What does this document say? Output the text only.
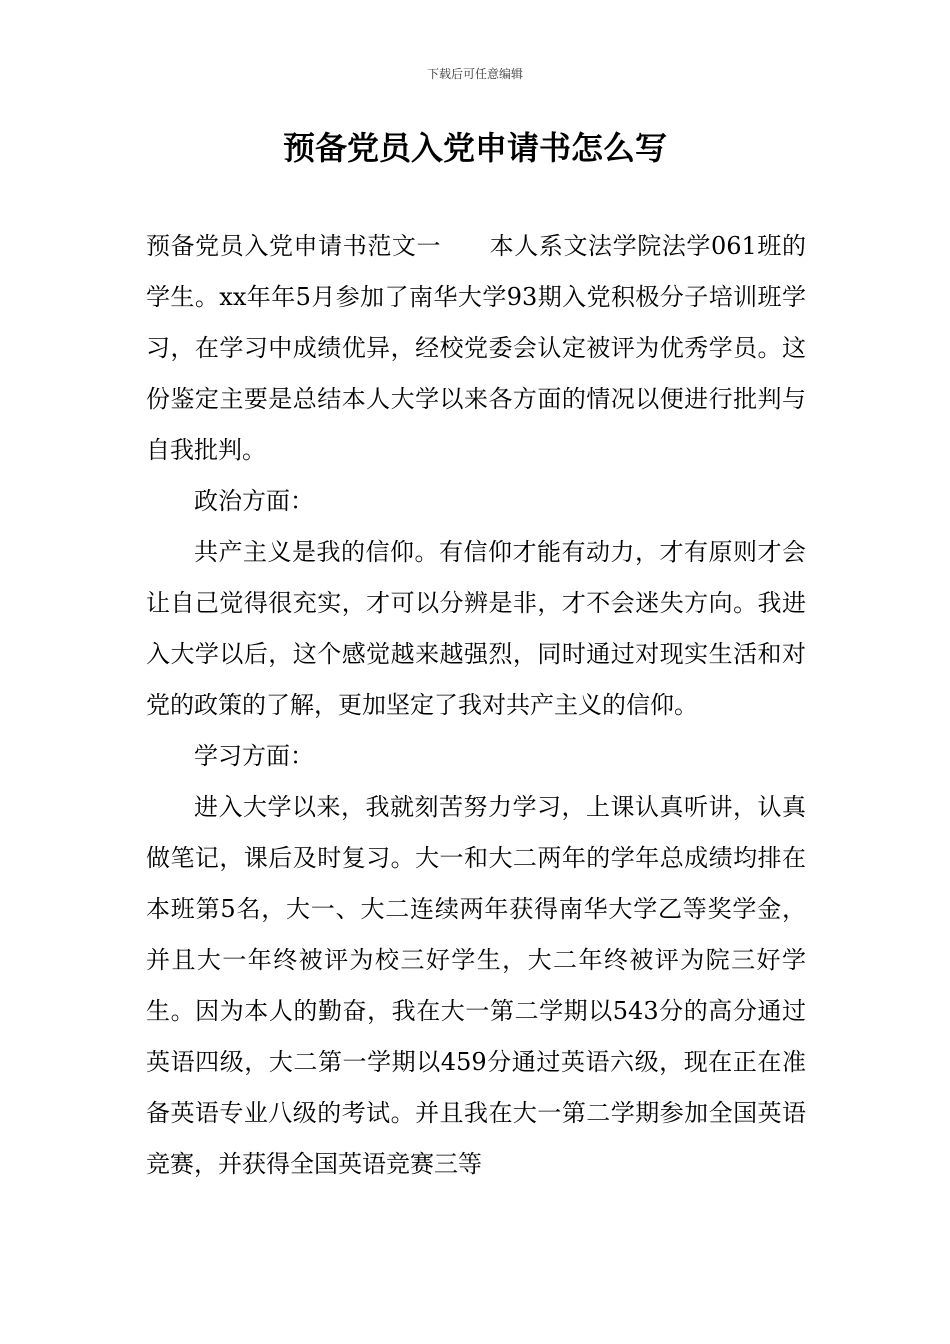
下载后可任意编辑
预备党员入党申请书怎么写

预备党员入党申请书范文一 本人系文法学院法学061班的学生。xx年年5月参加了南华大学93期入党积极分子培训班学习，在学习中成绩优异，经校党委会认定被评为优秀学员。这份鉴定主要是总结本人大学以来各方面的情况以便进行批判与自我批判。

政治方面：

共产主义是我的信仰。有信仰才能有动力，才有原则才会让自己觉得很充实，才可以分辨是非，才不会迷失方向。我进入大学以后，这个感觉越来越强烈，同时通过对现实生活和对党的政策的了解，更加坚定了我对共产主义的信仰。

学习方面：

进入大学以来，我就刻苦努力学习，上课认真听讲，认真做笔记，课后及时复习。大一和大二两年的学年总成绩均排在本班第5名，大一、大二连续两年获得南华大学乙等奖学金，并且大一年终被评为校三好学生，大二年终被评为院三好学生。因为本人的勤奋，我在大一第二学期以543分的高分通过英语四级，大二第一学期以459分通过英语六级，现在正在准备英语专业八级的考试。并且我在大一第二学期参加全国英语竞赛，并获得全国英语竞赛三等
